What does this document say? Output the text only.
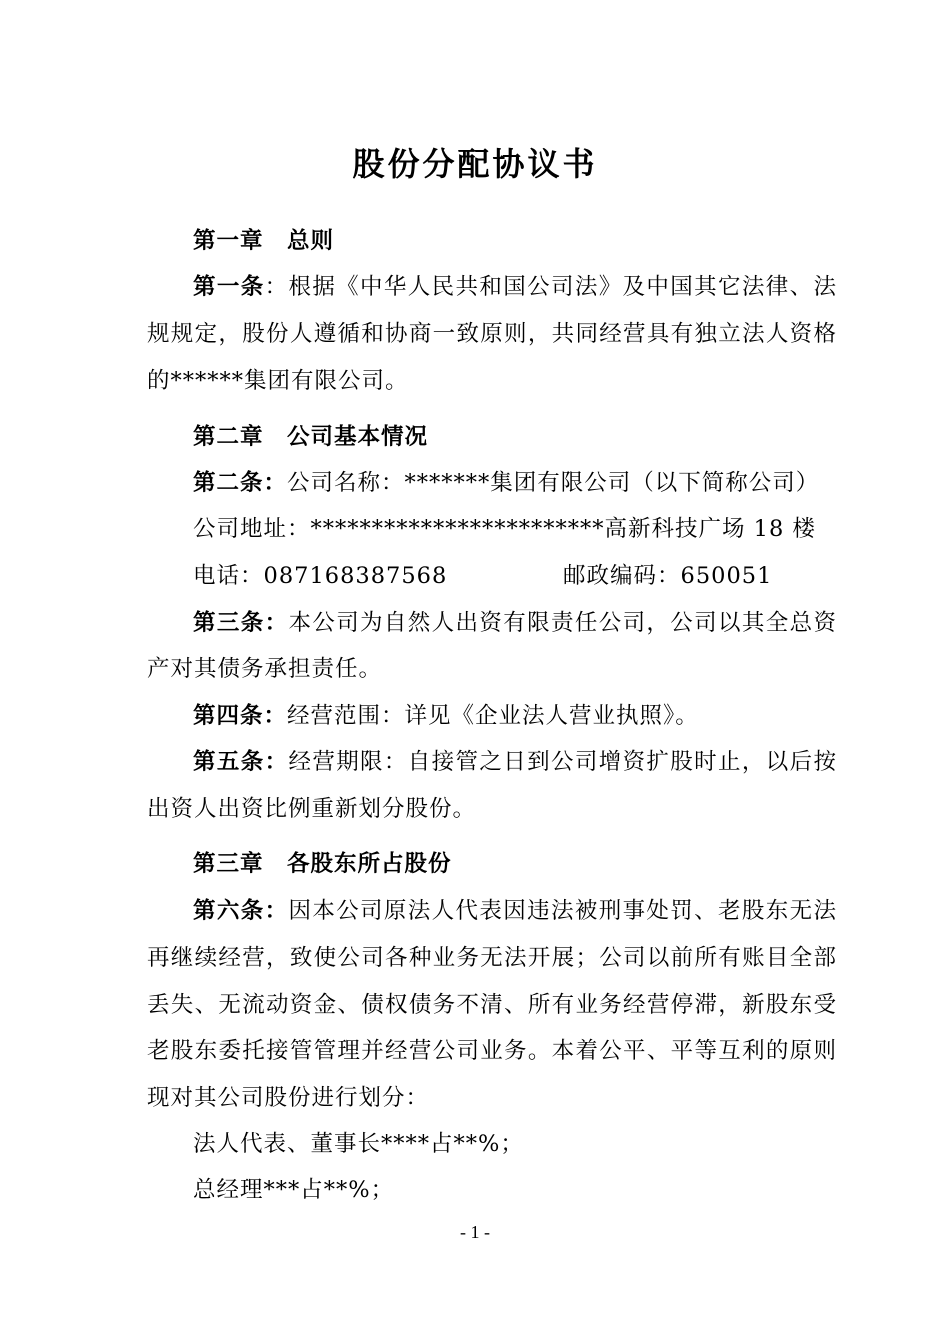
股份分配协议书
第一章　总则
第一条：根据《中华人民共和国公司法》及中国其它法律、法
规规定，股份人遵循和协商一致原则，共同经营具有独立法人资格
的******集团有限公司。
第二章　公司基本情况
第二条：公司名称：*******集团有限公司（以下简称公司）
公司地址：************************高新科技广场 18 楼
电话：087168387568	邮政编码：650051
第三条：本公司为自然人出资有限责任公司，公司以其全总资
产对其债务承担责任。
第四条：经营范围：详见《企业法人营业执照》。
第五条：经营期限：自接管之日到公司增资扩股时止，以后按
出资人出资比例重新划分股份。
第三章　各股东所占股份
第六条：因本公司原法人代表因违法被刑事处罚、老股东无法
再继续经营，致使公司各种业务无法开展；公司以前所有账目全部
丢失、无流动资金、债权债务不清、所有业务经营停滞，新股东受
老股东委托接管管理并经营公司业务。本着公平、平等互利的原则
现对其公司股份进行划分：
法人代表、董事长****占**%；
总经理***占**%；
- 1 -
